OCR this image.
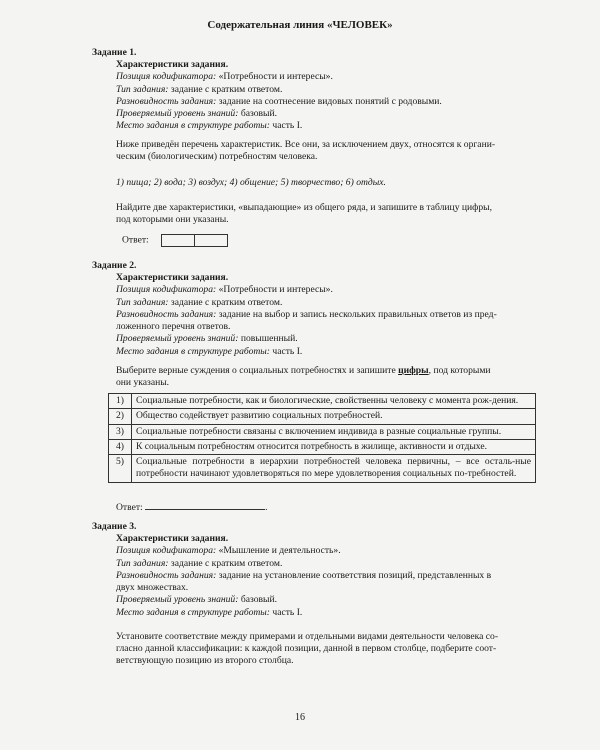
Содержательная линия «ЧЕЛОВЕК»
Задание 1.
Характеристики задания.
Позиция кодификатора: «Потребности и интересы».
Тип задания: задание с кратким ответом.
Разновидность задания: задание на соотнесение видовых понятий с родовыми.
Проверяемый уровень знаний: базовый.
Место задания в структуре работы: часть I.
Ниже приведён перечень характеристик. Все они, за исключением двух, относятся к органи-
ческим (биологическим) потребностям человека.
1) пища; 2) вода; 3) воздух; 4) общение; 5) творчество; 6) отдых.
Найдите две характеристики, «выпадающие» из общего ряда, и запишите в таблицу цифры,
под которыми они указаны.
Ответ:
Задание 2.
Характеристики задания.
Позиция кодификатора: «Потребности и интересы».
Тип задания: задание с кратким ответом.
Разновидность задания: задание на выбор и запись нескольких правильных ответов из пред-
ложенного перечня ответов.
Проверяемый уровень знаний: повышенный.
Место задания в структуре работы: часть I.
Выберите верные суждения о социальных потребностях и запишите цифры, под которыми
они указаны.
1)	Социальные потребности, как и биологические, свойственны человеку с момента рож-дения.
2)	Общество содействует развитию социальных потребностей.
3)	Социальные потребности связаны с включением индивида в разные социальные группы.
4)	К социальным потребностям относится потребность в жилище, активности и отдыхе.
5)	Социальные потребности в иерархии потребностей человека первичны, – все осталь-ные потребности начинают удовлетворяться по мере удовлетворения социальных по-требностей.
Ответ:	.
Задание 3.
Характеристики задания.
Позиция кодификатора: «Мышление и деятельность».
Тип задания: задание с кратким ответом.
Разновидность задания: задание на установление соответствия позиций, представленных в
двух множествах.
Проверяемый уровень знаний: базовый.
Место задания в структуре работы: часть I.
Установите соответствие между примерами и отдельными видами деятельности человека со-
гласно данной классификации: к каждой позиции, данной в первом столбце, подберите соот-
ветствующую позицию из второго столбца.
16
